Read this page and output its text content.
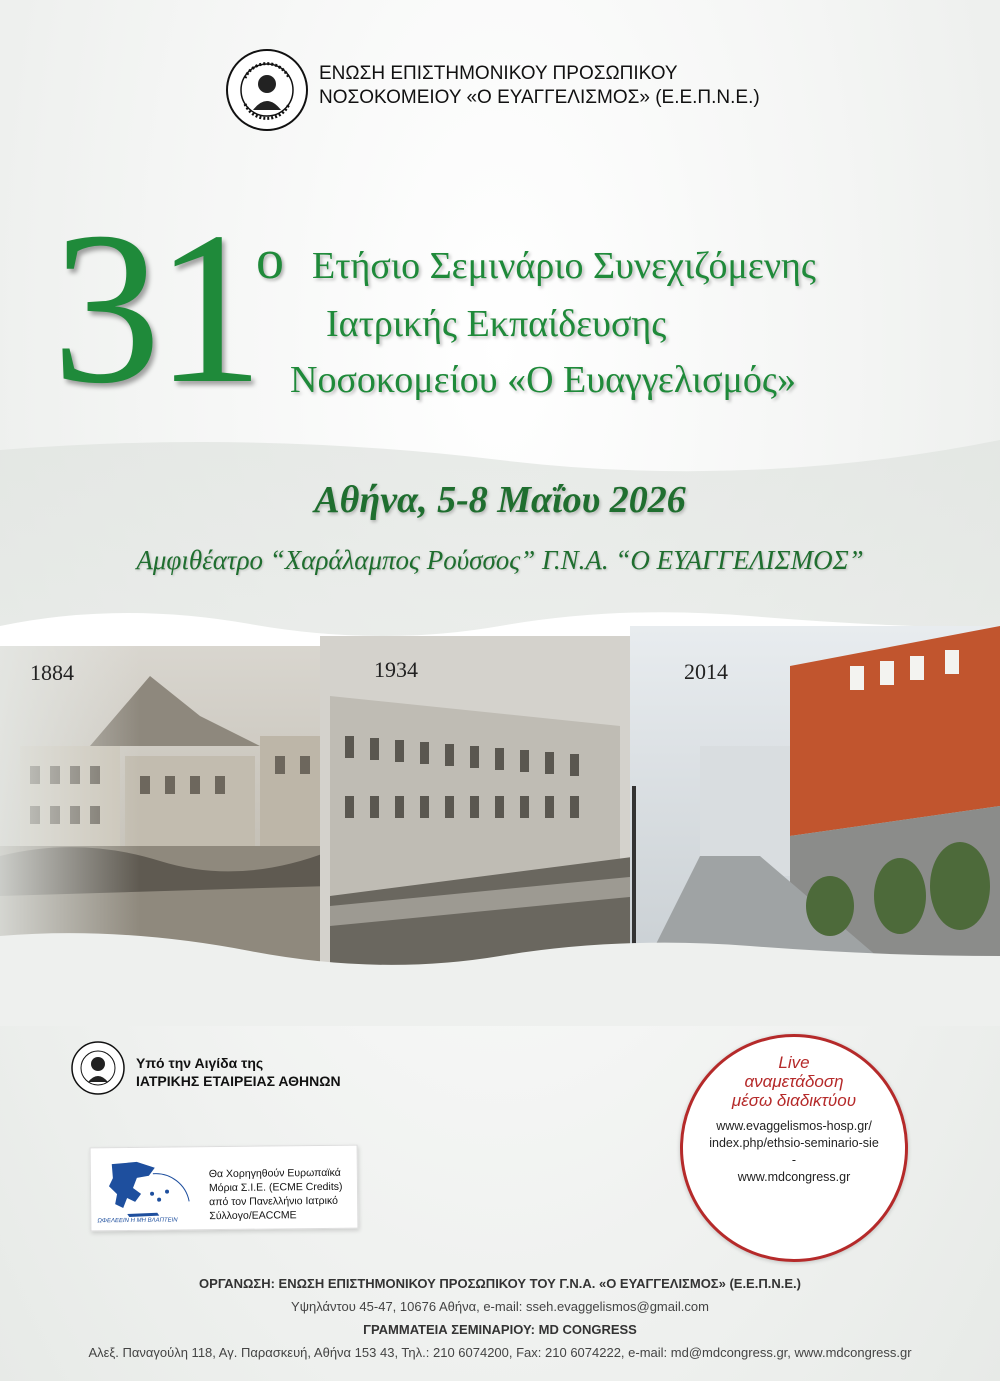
ΕΝΩΣΗ ΕΠΙΣΤΗΜΟΝΙΚΟΥ ΠΡΟΣΩΠΙΚΟΥ
ΝΟΣΟΚΟΜΕΙΟΥ «Ο ΕΥΑΓΓΕΛΙΣΜΟΣ» (Ε.Ε.Π.Ν.Ε.)
31
ο Ετήσιο Σεμινάριο Συνεχιζόμενης
Ιατρικής Εκπαίδευσης
Νοσοκομείου «Ο Ευαγγελισμός»
Αθήνα, 5-8 Μαΐου 2026
Αμφιθέατρο “Χαράλαμπος Ρούσσος” Γ.Ν.Α. “Ο ΕΥΑΓΓΕΛΙΣΜΟΣ”
1884	1934	2014
Υπό την Αιγίδα της
ΙΑΤΡΙΚΗΣ ΕΤΑΙΡΕΙΑΣ ΑΘΗΝΩΝ
ΩΦΕΛΕΕΙΝ Η ΜΗ ΒΛΑΠΤΕΙΝ
Θα Χορηγηθούν Ευρωπαϊκά
Μόρια Σ.Ι.Ε. (ECME Credits)
από τον Πανελλήνιο Ιατρικό
Σύλλογο/EACCME
Live
αναμετάδοση
μέσω διαδικτύου
www.evaggelismos-hosp.gr/
index.php/ethsio-seminario-sie
-
www.mdcongress.gr
ΟΡΓΑΝΩΣΗ: ΕΝΩΣΗ ΕΠΙΣΤΗΜΟΝΙΚΟΥ ΠΡΟΣΩΠΙΚΟΥ ΤΟΥ Γ.Ν.Α. «Ο ΕΥΑΓΓΕΛΙΣΜΟΣ» (Ε.Ε.Π.Ν.Ε.)
Υψηλάντου 45-47, 10676 Αθήνα, e-mail: sseh.evaggelismos@gmail.com
ΓΡΑΜΜΑΤΕΙΑ ΣΕΜΙΝΑΡΙΟΥ: MD CONGRESS
Αλεξ. Παναγούλη 118, Αγ. Παρασκευή, Αθήνα 153 43, Τηλ.: 210 6074200, Fax: 210 6074222, e-mail: md@mdcongress.gr, www.mdcongress.gr
